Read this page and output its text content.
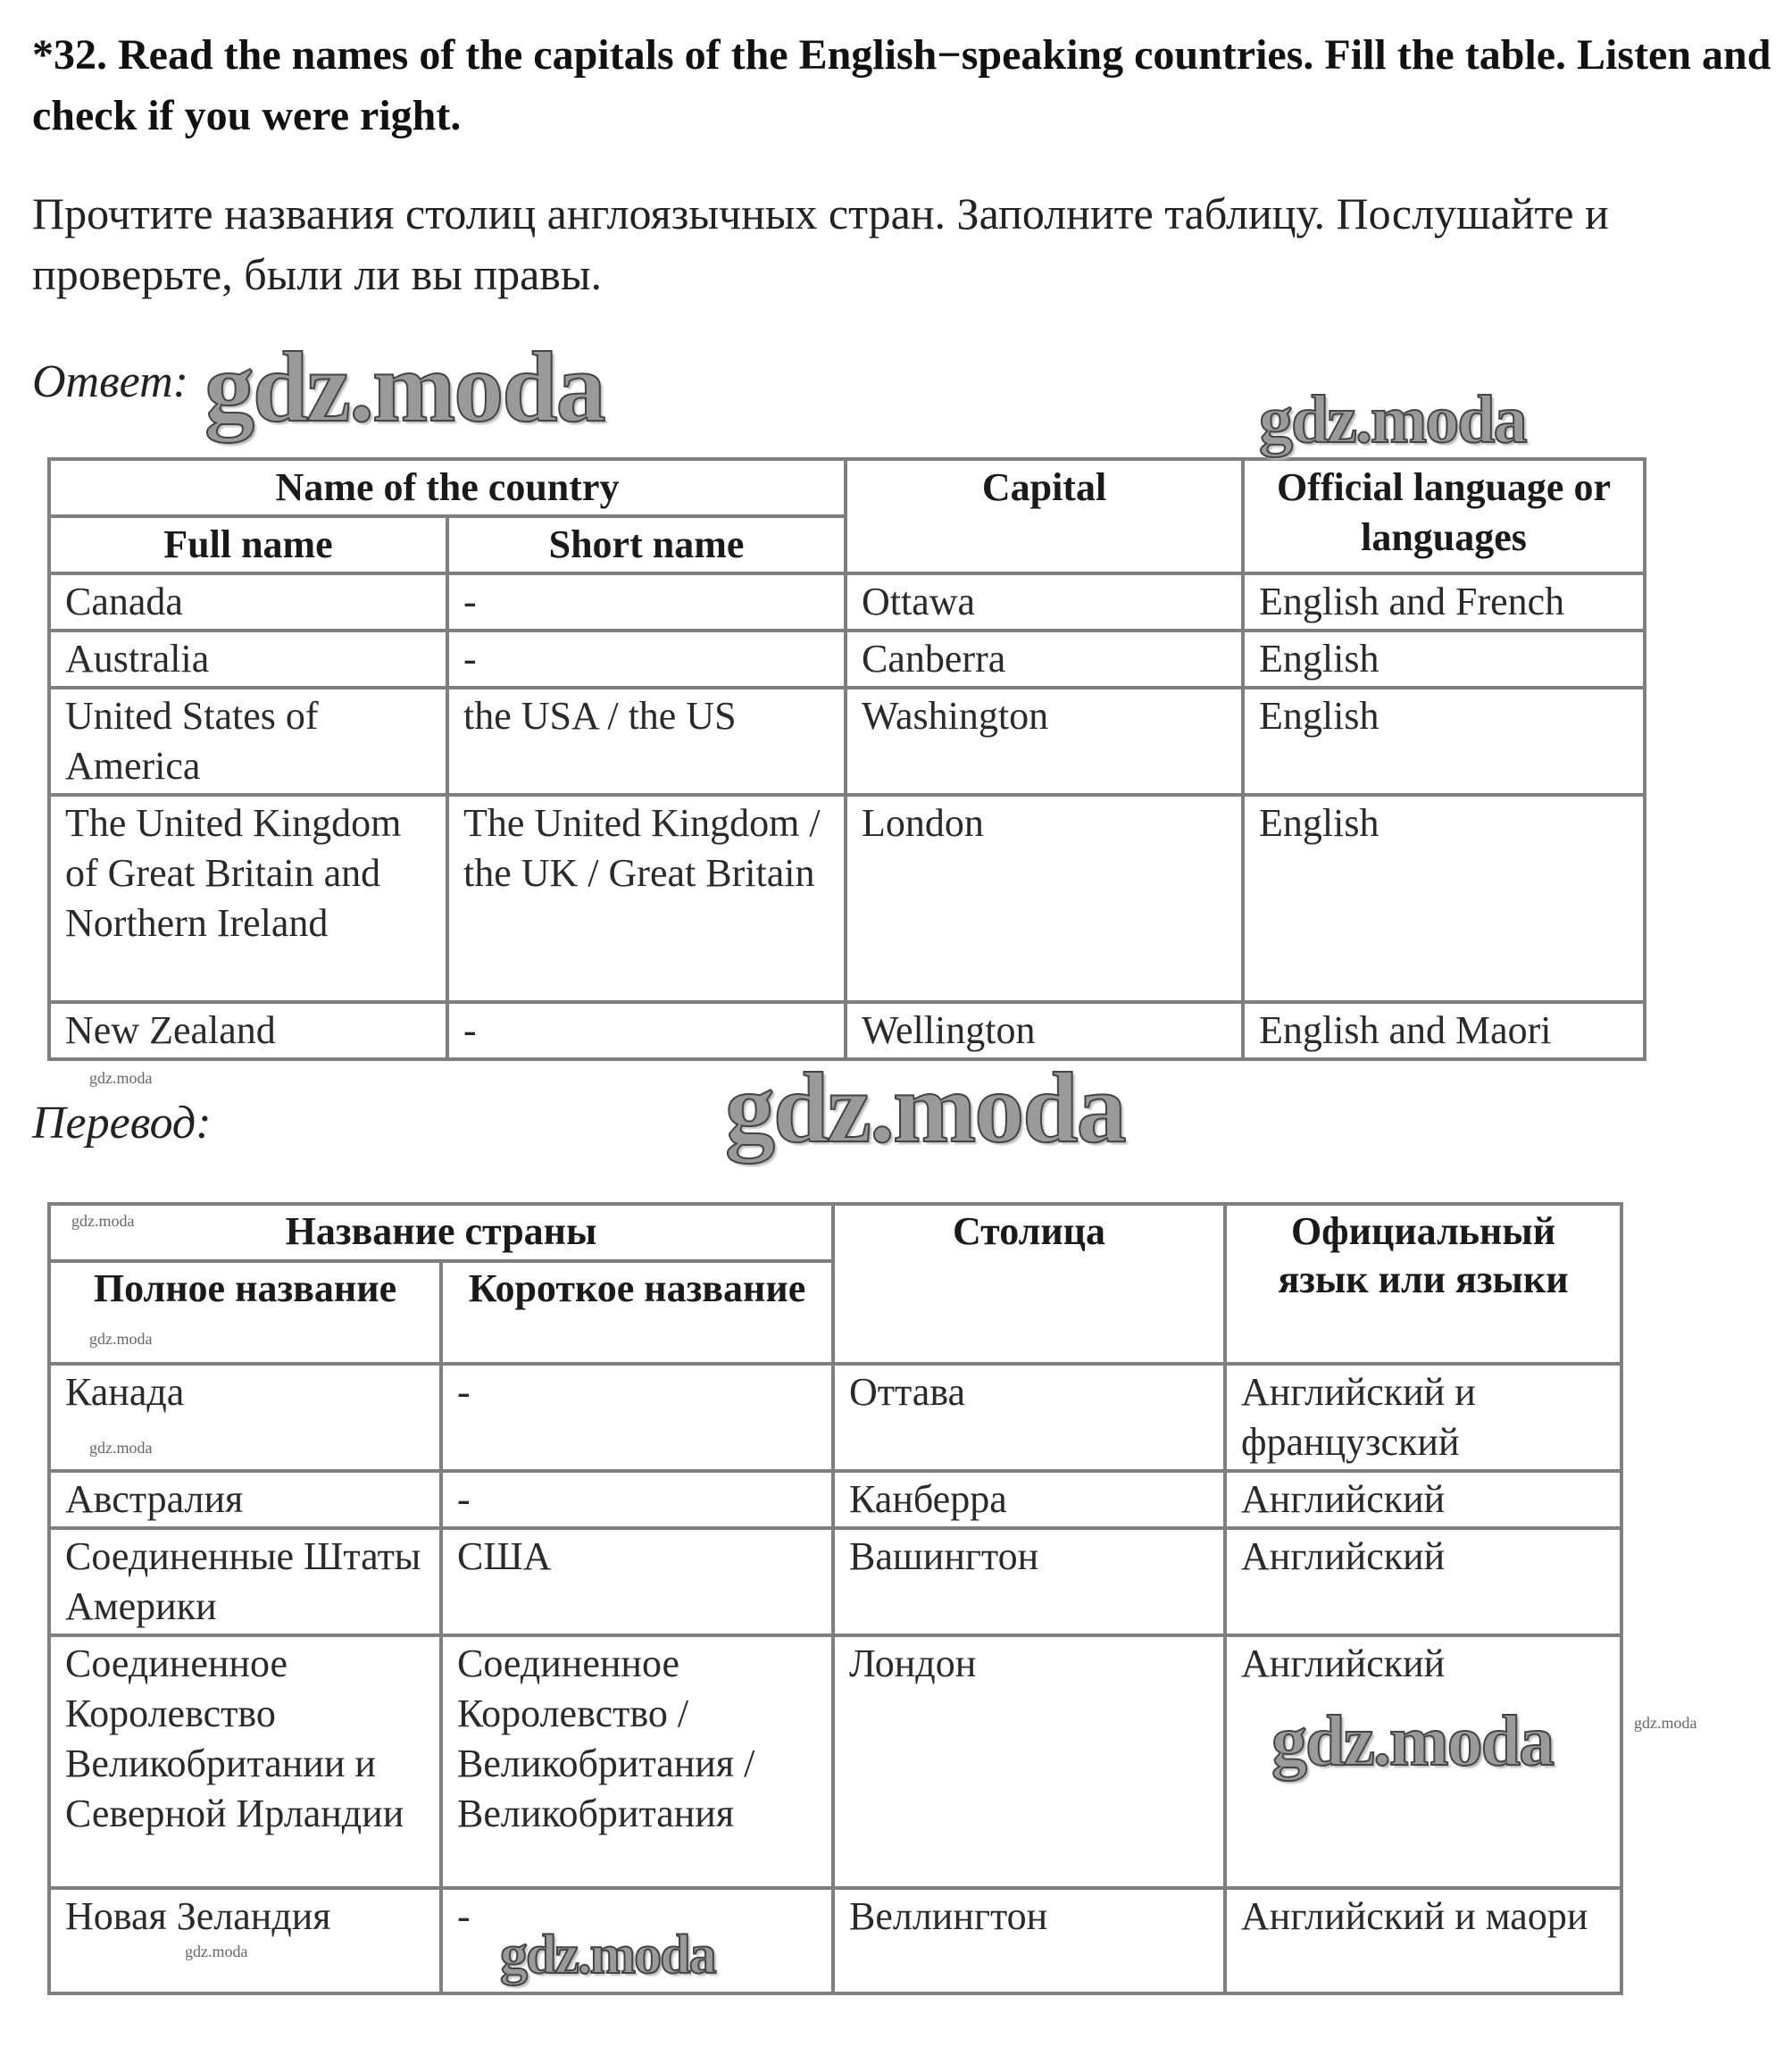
*32. Read the names of the capitals of the English−speaking countries. Fill the table. Listen and check if you were right.
Прочтите названия столиц англоязычных стран. Заполните таблицу. Послушайте и проверьте, были ли вы правы.
Ответ:
Перевод:
Name of the country		Capital	Official language or languages
Full name	Short name		
Canada	-	Ottawa	English and French
Australia	-	Canberra	English
United States of America	the USA / the US	Washington	English
The United Kingdom of Great Britain and Northern Ireland	The United Kingdom / the UK / Great Britain	London	English
New Zealand	-	Wellington	English and Maori
Название страны		Столица	Официальный язык или языки
Полное название	Короткое название		
Канада	-	Оттава	Английский и французский
Австралия	-	Канберра	Английский
Соединенные Штаты Америки	США	Вашингтон	Английский
Соединенное Королевство Великобритании и Северной Ирландии	Соединенное Королевство / Великобритания / Великобритания	Лондон	Английский
Новая Зеландия	-	Веллингтон	Английский и маори
gdz.moda	gdz.moda
gdz.moda
gdz.moda
gdz.moda
gdz.moda
gdz.moda
gdz.moda
gdz.moda
gdz.moda
gdz.moda
